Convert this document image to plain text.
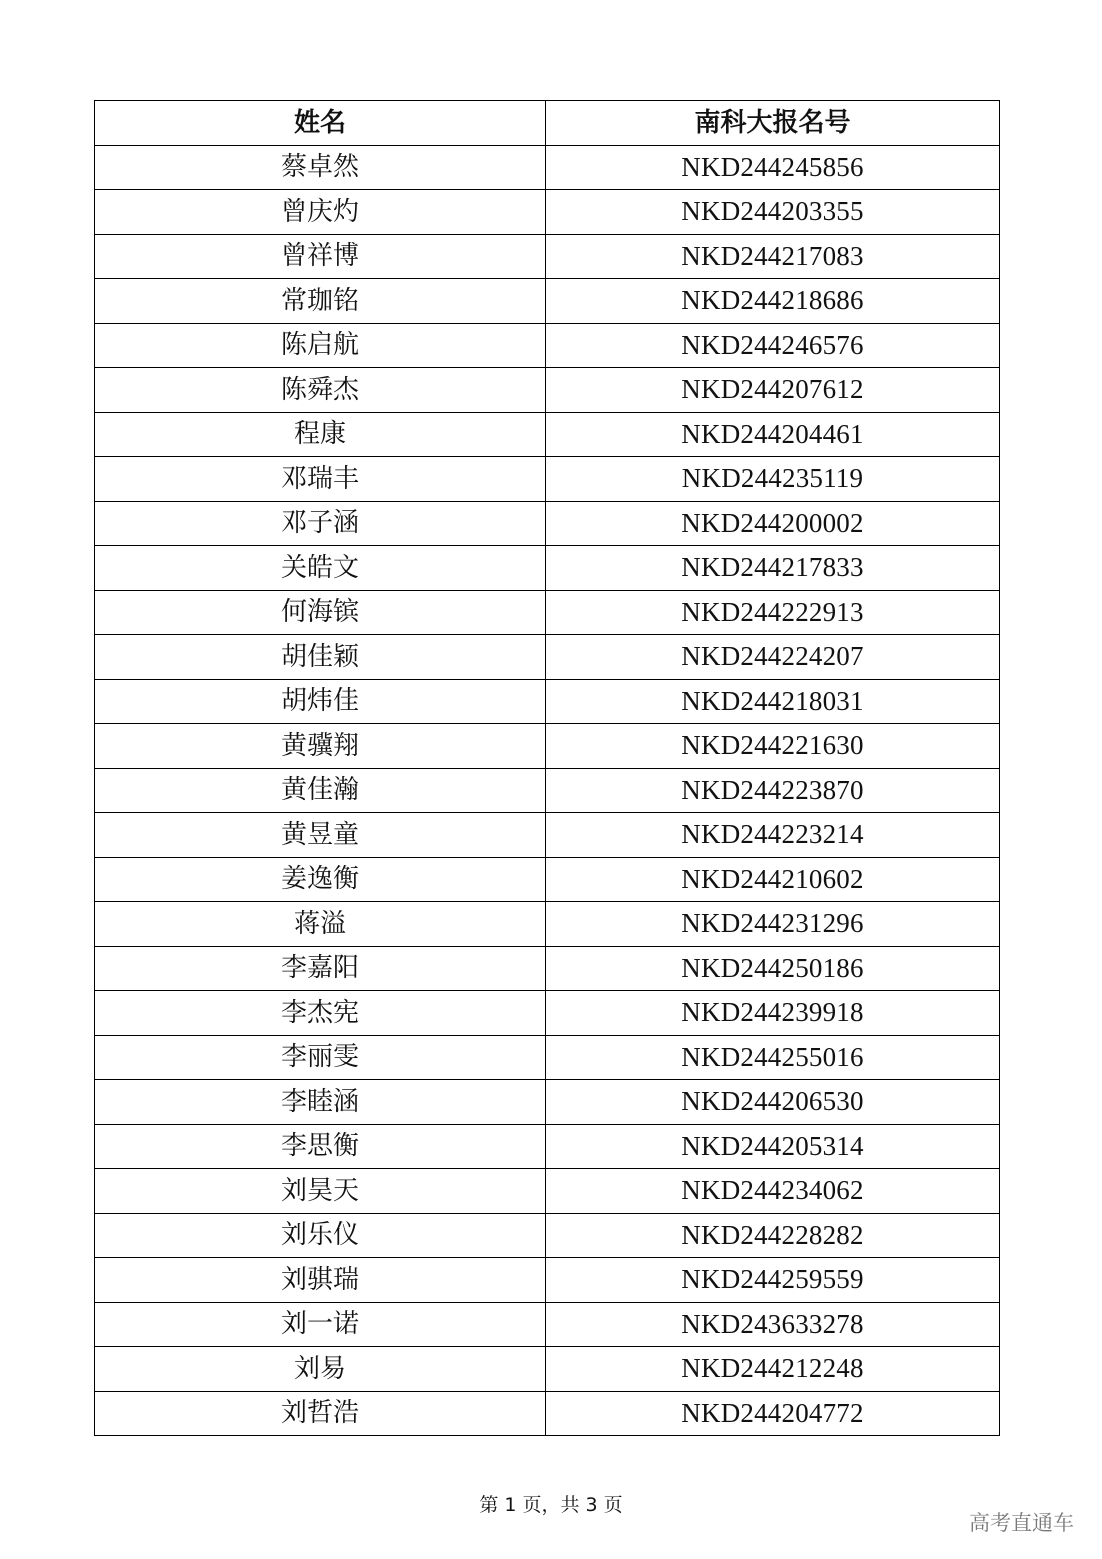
姓名	南科大报名号
蔡卓然	NKD244245856
曾庆灼	NKD244203355
曾祥博	NKD244217083
常珈铭	NKD244218686
陈启航	NKD244246576
陈舜杰	NKD244207612
程康	NKD244204461
邓瑞丰	NKD244235119
邓子涵	NKD244200002
关皓文	NKD244217833
何海镔	NKD244222913
胡佳颖	NKD244224207
胡炜佳	NKD244218031
黄骥翔	NKD244221630
黄佳瀚	NKD244223870
黄昱童	NKD244223214
姜逸衡	NKD244210602
蒋溢	NKD244231296
李嘉阳	NKD244250186
李杰宪	NKD244239918
李丽雯	NKD244255016
李睦涵	NKD244206530
李思衡	NKD244205314
刘昊天	NKD244234062
刘乐仪	NKD244228282
刘骐瑞	NKD244259559
刘一诺	NKD243633278
刘易	NKD244212248
刘哲浩	NKD244204772
第 1 页，共 3 页
高考直通车
